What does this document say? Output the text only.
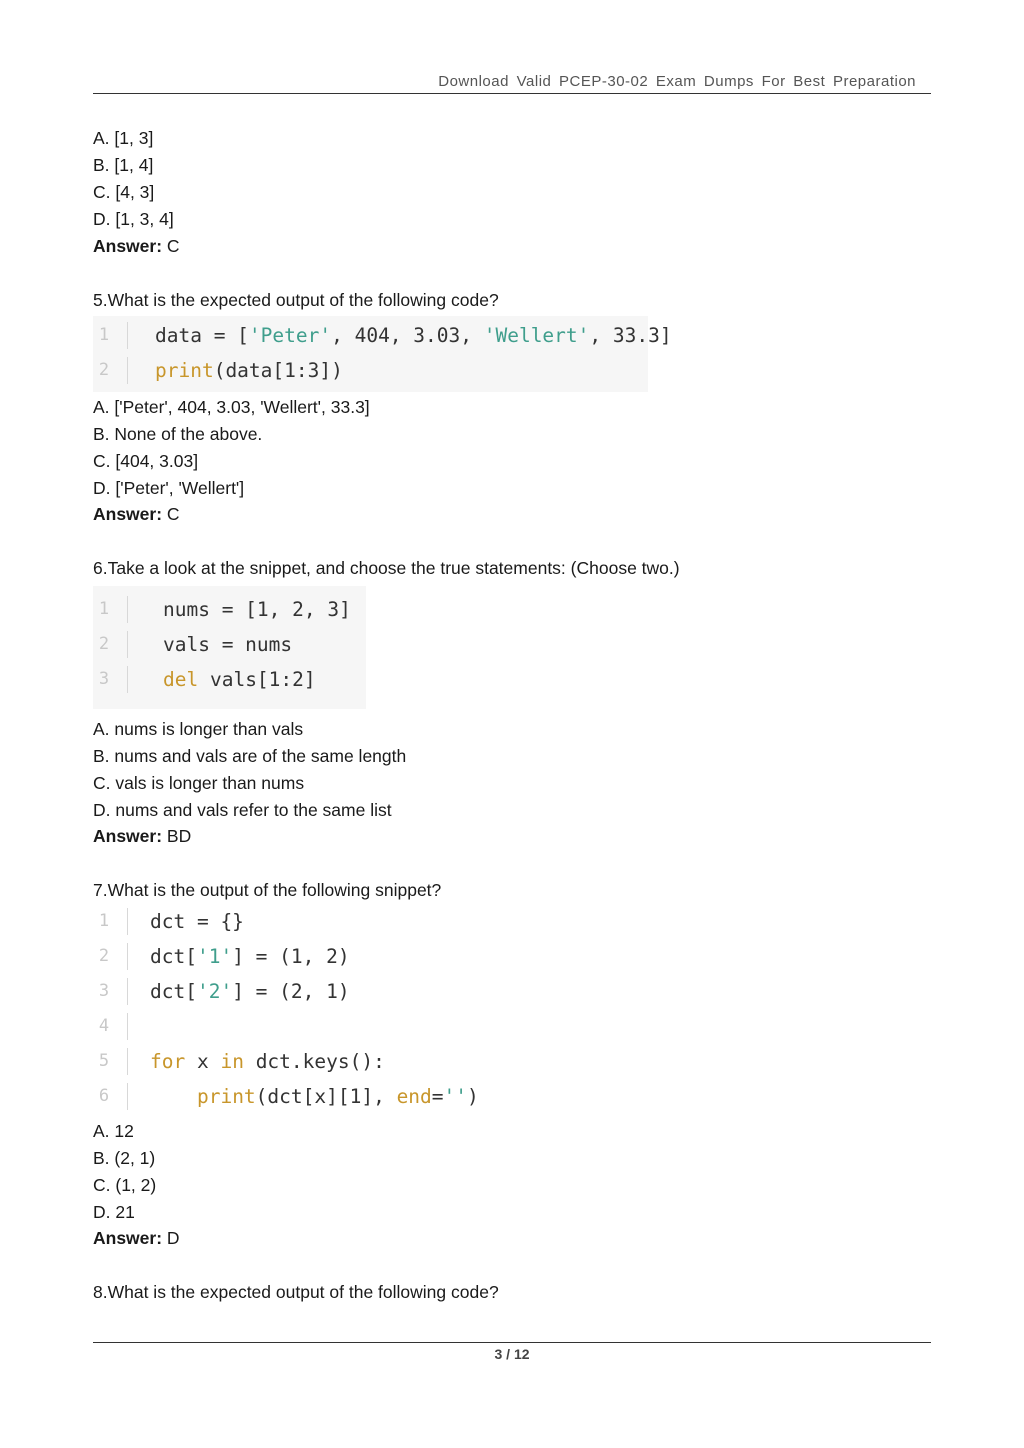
Download Valid PCEP-30-02 Exam Dumps For Best Preparation
A. [1, 3]
B. [1, 4]
C. [4, 3]
D. [1, 3, 4]
Answer: C
5.What is the expected output of the following code?
1	data = ['Peter', 404, 3.03, 'Wellert', 33.3]
2	print(data[1:3])
A. ['Peter', 404, 3.03, 'Wellert', 33.3]
B. None of the above.
C. [404, 3.03]
D. ['Peter', 'Wellert']
Answer: C
6.Take a look at the snippet, and choose the true statements: (Choose two.)
1	nums = [1, 2, 3]
2	vals = nums
3	del vals[1:2]
A. nums is longer than vals
B. nums and vals are of the same length
C. vals is longer than nums
D. nums and vals refer to the same list
Answer: BD
7.What is the output of the following snippet?
1	dct = {}
2	dct['1'] = (1, 2)
3	dct['2'] = (2, 1)
4
5	for x in dct.keys():
6	print(dct[x][1], end='')
A. 12
B. (2, 1)
C. (1, 2)
D. 21
Answer: D
8.What is the expected output of the following code?
3 / 12
